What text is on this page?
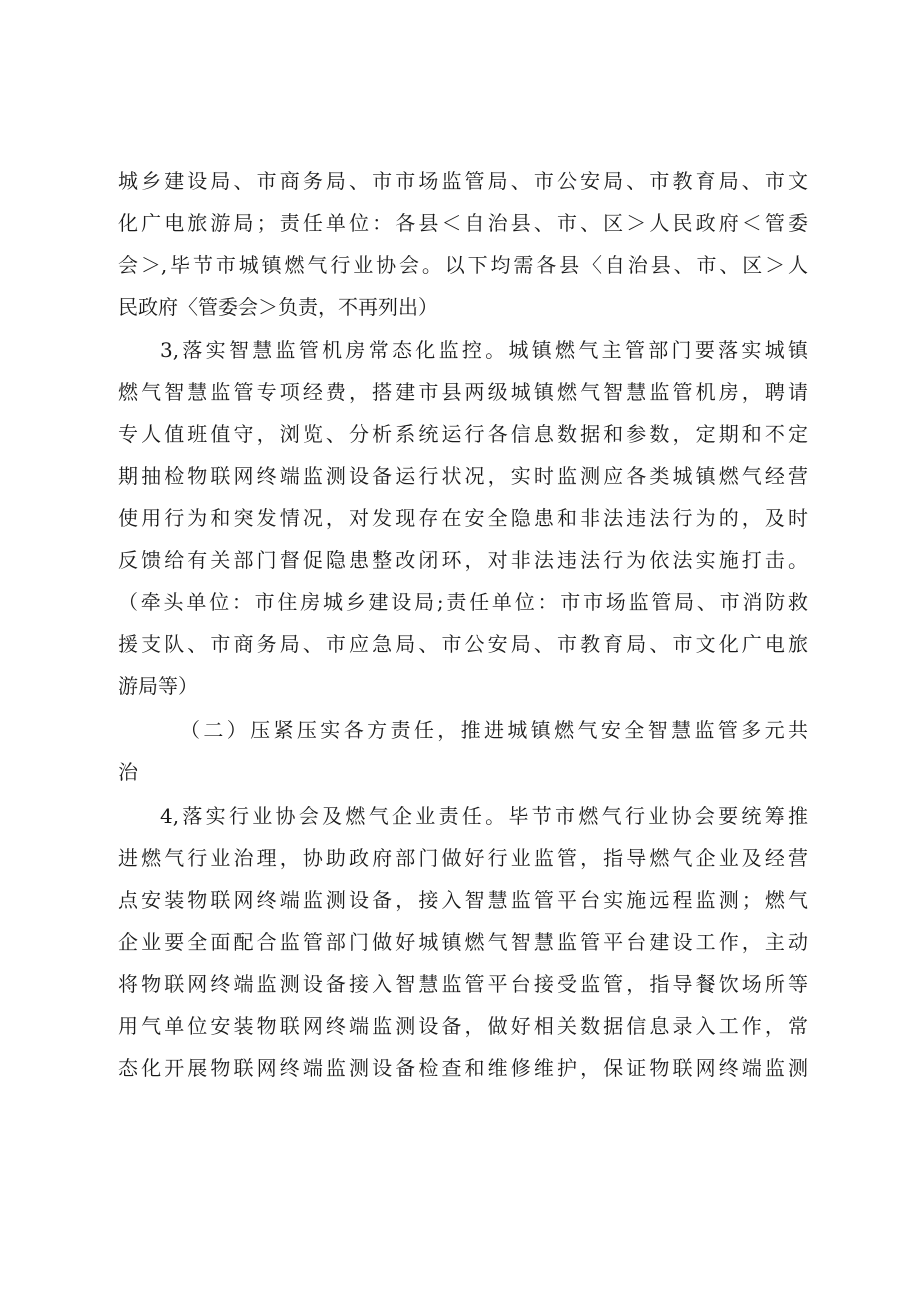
城乡建设局、市商务局、市市场监管局、市公安局、市教育局、市文
化广电旅游局；责任单位：各县＜自治县、市、区＞人民政府＜管委
会＞,毕节市城镇燃气行业协会。以下均需各县〈自治县、市、区＞人
民政府〈管委会＞负责，不再列出）
3,落实智慧监管机房常态化监控。城镇燃气主管部门要落实城镇
燃气智慧监管专项经费，搭建市县两级城镇燃气智慧监管机房，聘请
专人值班值守，浏览、分析系统运行各信息数据和参数，定期和不定
期抽检物联网终端监测设备运行状况，实时监测应各类城镇燃气经营
使用行为和突发情况，对发现存在安全隐患和非法违法行为的，及时
反馈给有关部门督促隐患整改闭环，对非法违法行为依法实施打击。
（牵头单位：市住房城乡建设局;责任单位：市市场监管局、市消防救
援支队、市商务局、市应急局、市公安局、市教育局、市文化广电旅
游局等）
（二）压紧压实各方责任，推进城镇燃气安全智慧监管多元共
治
4,落实行业协会及燃气企业责任。毕节市燃气行业协会要统筹推
进燃气行业治理，协助政府部门做好行业监管，指导燃气企业及经营
点安装物联网终端监测设备，接入智慧监管平台实施远程监测；燃气
企业要全面配合监管部门做好城镇燃气智慧监管平台建设工作，主动
将物联网终端监测设备接入智慧监管平台接受监管，指导餐饮场所等
用气单位安装物联网终端监测设备，做好相关数据信息录入工作，常
态化开展物联网终端监测设备检查和维修维护，保证物联网终端监测
